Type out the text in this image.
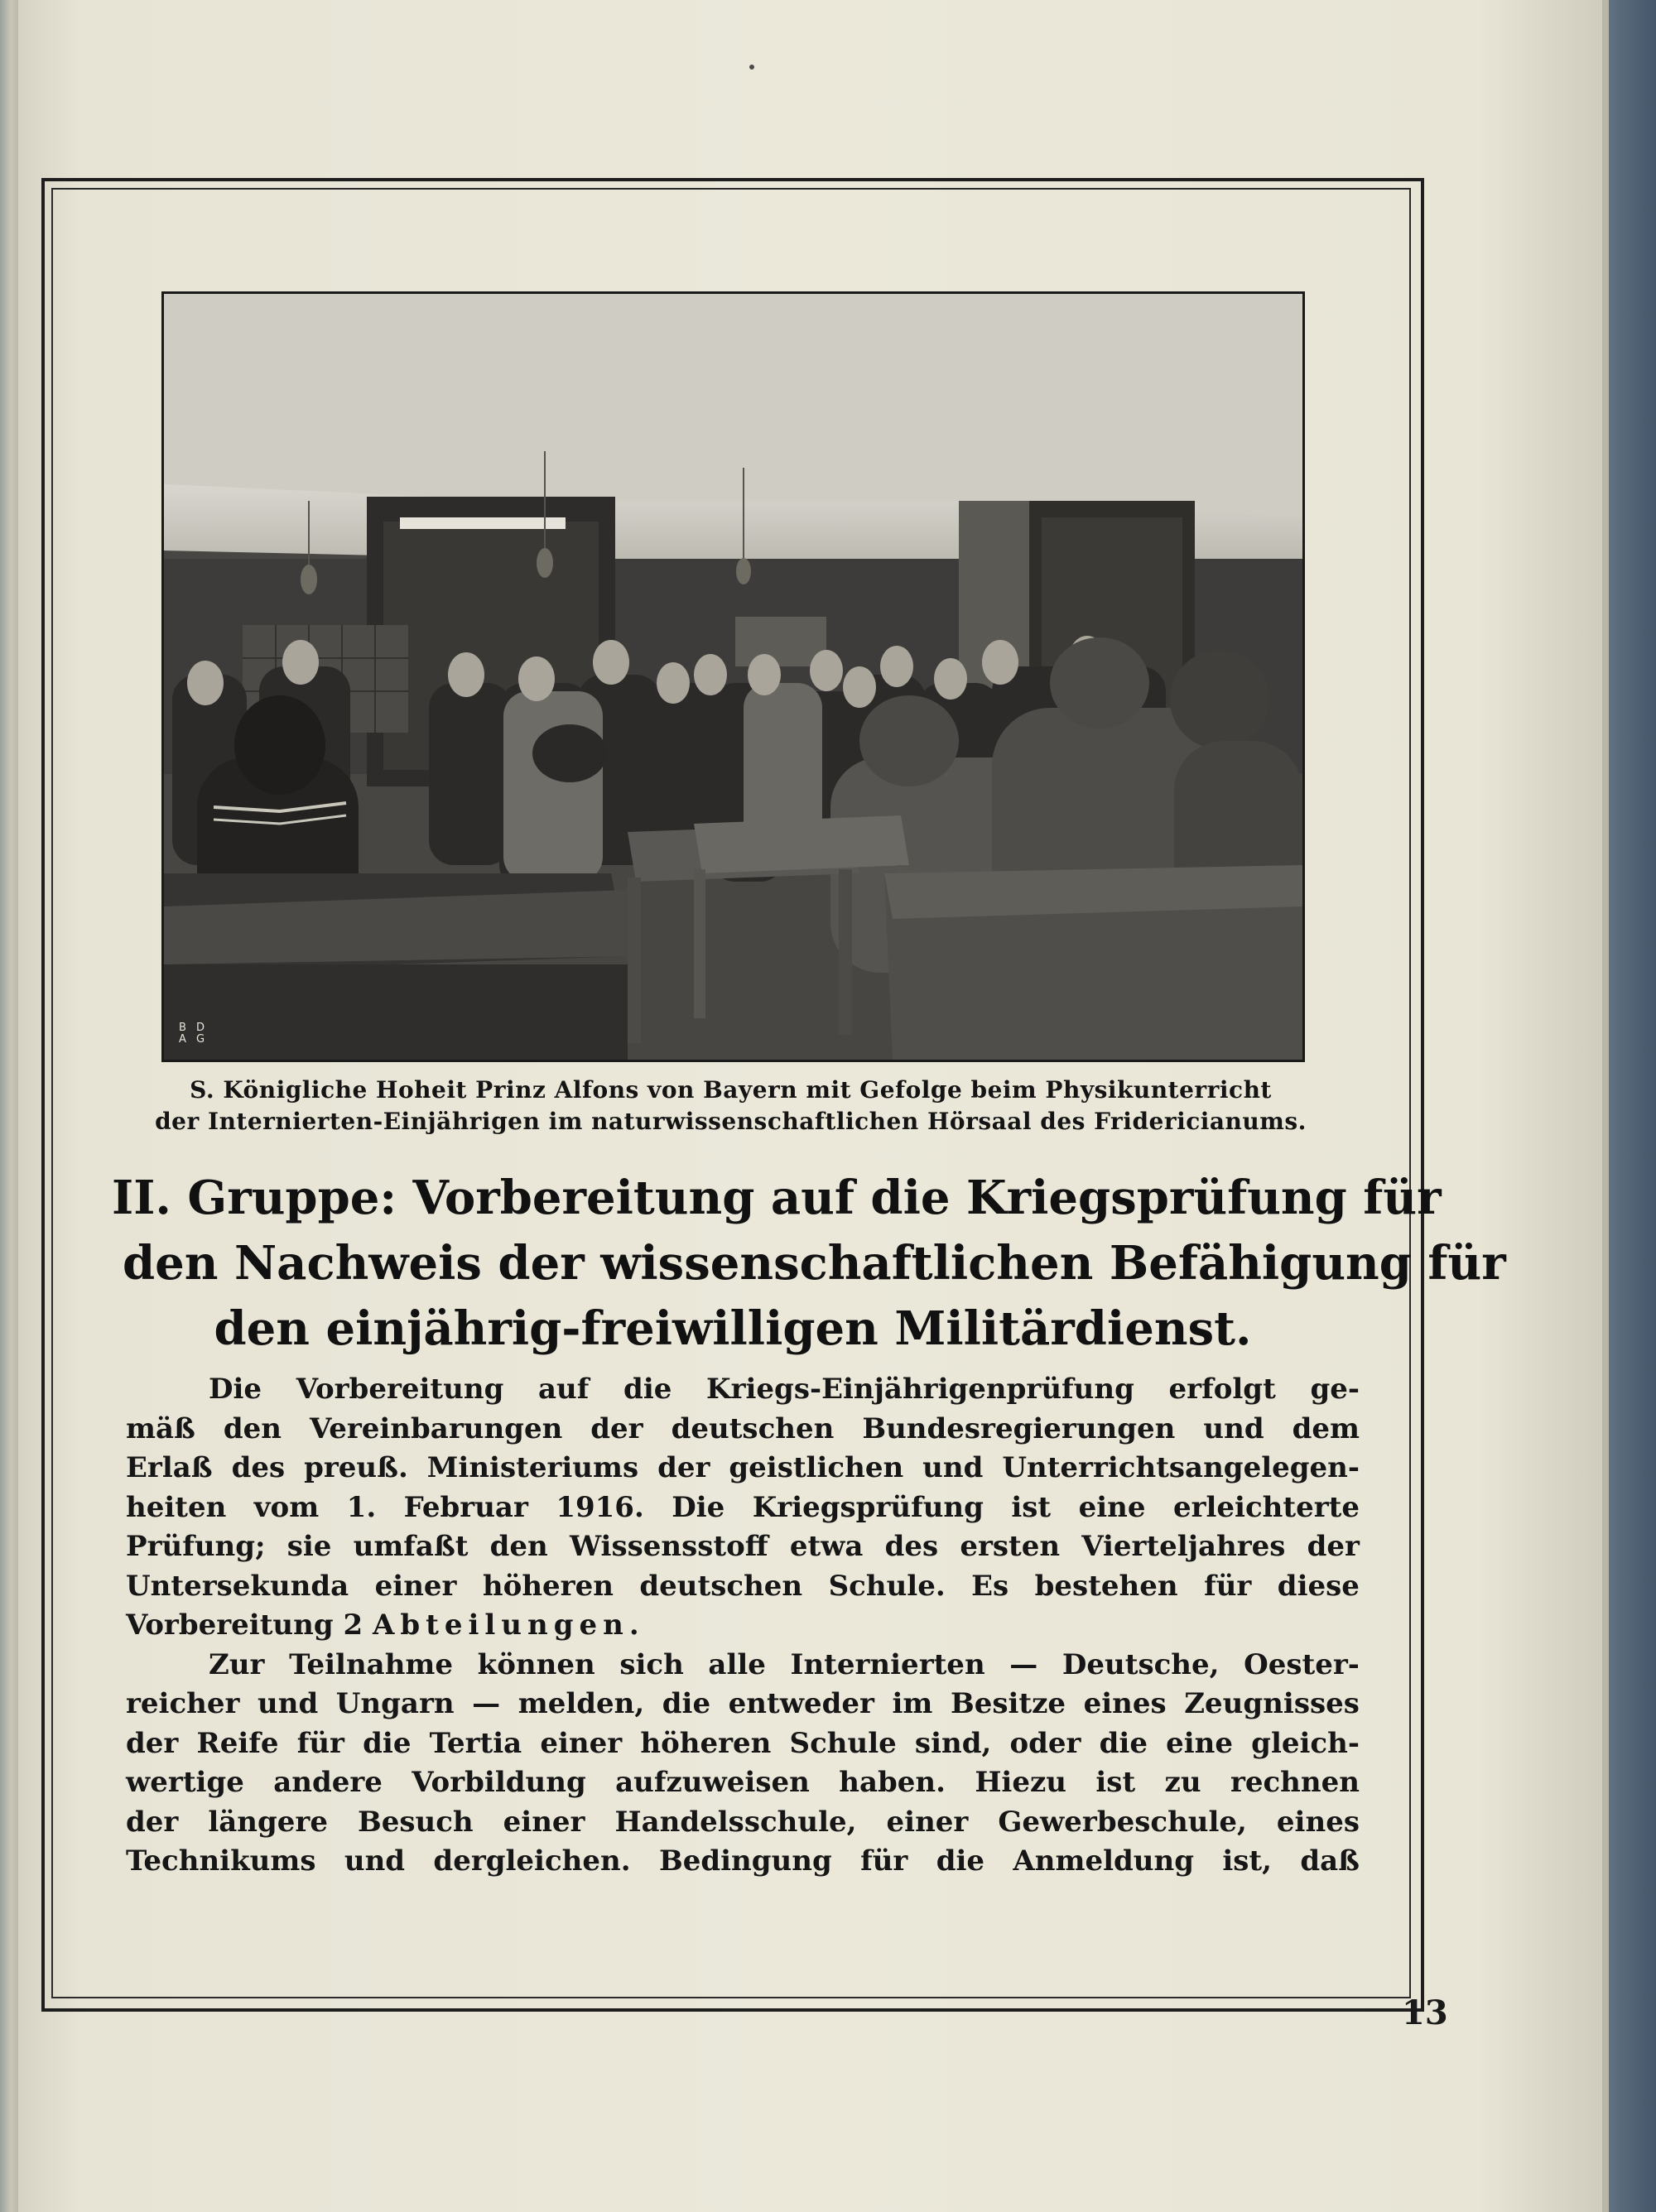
B D A G
S. Königliche Hoheit Prinz Alfons von Bayern mit Gefolge beim Physikunterricht
der Internierten-Einjährigen im naturwissenschaftlichen Hörsaal des Fridericianums.
II. Gruppe: Vorbereitung auf die Kriegsprüfung für
den Nachweis der wissenschaftlichen Befähigung für
den einjährig-freiwilligen Militärdienst.
Die Vorbereitung auf die Kriegs-Einjährigenprüfung erfolgt ge-
mäß den Vereinbarungen der deutschen Bundesregierungen und dem
Erlaß des preuß. Ministeriums der geistlichen und Unterrichtsangelegen-
heiten vom 1. Februar 1916. Die Kriegsprüfung ist eine erleichterte
Prüfung; sie umfaßt den Wissensstoff etwa des ersten Vierteljahres der
Untersekunda einer höheren deutschen Schule. Es bestehen für diese
Vorbereitung 2
Abteilungen.
Zur Teilnahme können sich alle Internierten — Deutsche, Oester-
reicher und Ungarn — melden, die entweder im Besitze eines Zeugnisses
der Reife für die Tertia einer höheren Schule sind, oder die eine gleich-
wertige andere Vorbildung aufzuweisen haben. Hiezu ist zu rechnen
der längere Besuch einer Handelsschule, einer Gewerbeschule, eines
Technikums und dergleichen. Bedingung für die Anmeldung ist, daß
13
